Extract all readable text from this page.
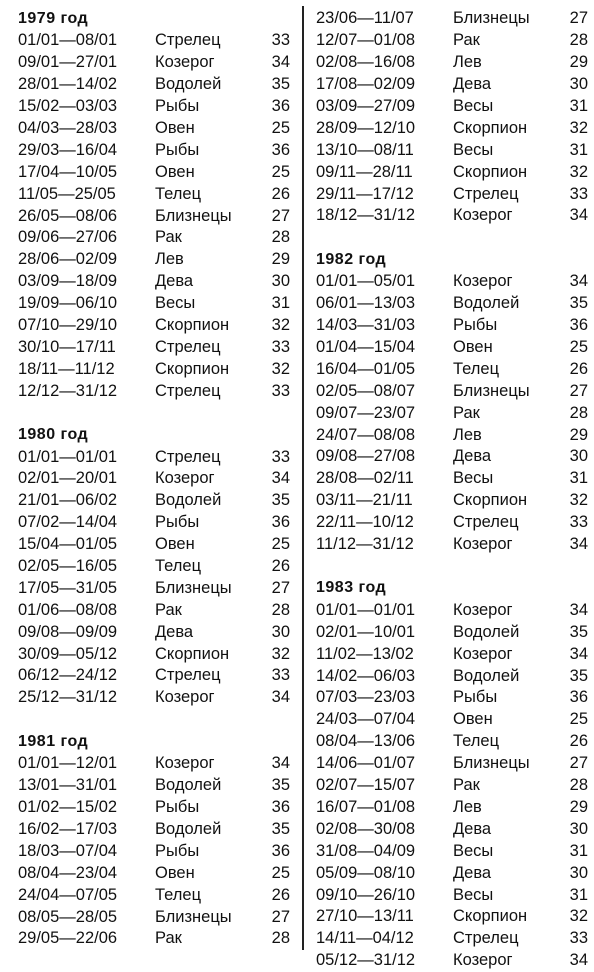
1979 год
01/01—08/01	Стрелец	33
09/01—27/01	Козерог	34
28/01—14/02	Водолей	35
15/02—03/03	Рыбы	36
04/03—28/03	Овен	25
29/03—16/04	Рыбы	36
17/04—10/05	Овен	25
11/05—25/05	Телец	26
26/05—08/06	Близнецы	27
09/06—27/06	Рак	28
28/06—02/09	Лев	29
03/09—18/09	Дева	30
19/09—06/10	Весы	31
07/10—29/10	Скорпион	32
30/10—17/11	Стрелец	33
18/11—11/12	Скорпион	32
12/12—31/12	Стрелец	33
1980 год
01/01—01/01	Стрелец	33
02/01—20/01	Козерог	34
21/01—06/02	Водолей	35
07/02—14/04	Рыбы	36
15/04—01/05	Овен	25
02/05—16/05	Телец	26
17/05—31/05	Близнецы	27
01/06—08/08	Рак	28
09/08—09/09	Дева	30
30/09—05/12	Скорпион	32
06/12—24/12	Стрелец	33
25/12—31/12	Козерог	34
1981 год
01/01—12/01	Козерог	34
13/01—31/01	Водолей	35
01/02—15/02	Рыбы	36
16/02—17/03	Водолей	35
18/03—07/04	Рыбы	36
08/04—23/04	Овен	25
24/04—07/05	Телец	26
08/05—28/05	Близнецы	27
29/05—22/06	Рак	28
23/06—11/07	Близнецы	27
12/07—01/08	Рак	28
02/08—16/08	Лев	29
17/08—02/09	Дева	30
03/09—27/09	Весы	31
28/09—12/10	Скорпион	32
13/10—08/11	Весы	31
09/11—28/11	Скорпион	32
29/11—17/12	Стрелец	33
18/12—31/12	Козерог	34
1982 год
01/01—05/01	Козерог	34
06/01—13/03	Водолей	35
14/03—31/03	Рыбы	36
01/04—15/04	Овен	25
16/04—01/05	Телец	26
02/05—08/07	Близнецы	27
09/07—23/07	Рак	28
24/07—08/08	Лев	29
09/08—27/08	Дева	30
28/08—02/11	Весы	31
03/11—21/11	Скорпион	32
22/11—10/12	Стрелец	33
11/12—31/12	Козерог	34
1983 год
01/01—01/01	Козерог	34
02/01—10/01	Водолей	35
11/02—13/02	Козерог	34
14/02—06/03	Водолей	35
07/03—23/03	Рыбы	36
24/03—07/04	Овен	25
08/04—13/06	Телец	26
14/06—01/07	Близнецы	27
02/07—15/07	Рак	28
16/07—01/08	Лев	29
02/08—30/08	Дева	30
31/08—04/09	Весы	31
05/09—08/10	Дева	30
09/10—26/10	Весы	31
27/10—13/11	Скорпион	32
14/11—04/12	Стрелец	33
05/12—31/12	Козерог	34
